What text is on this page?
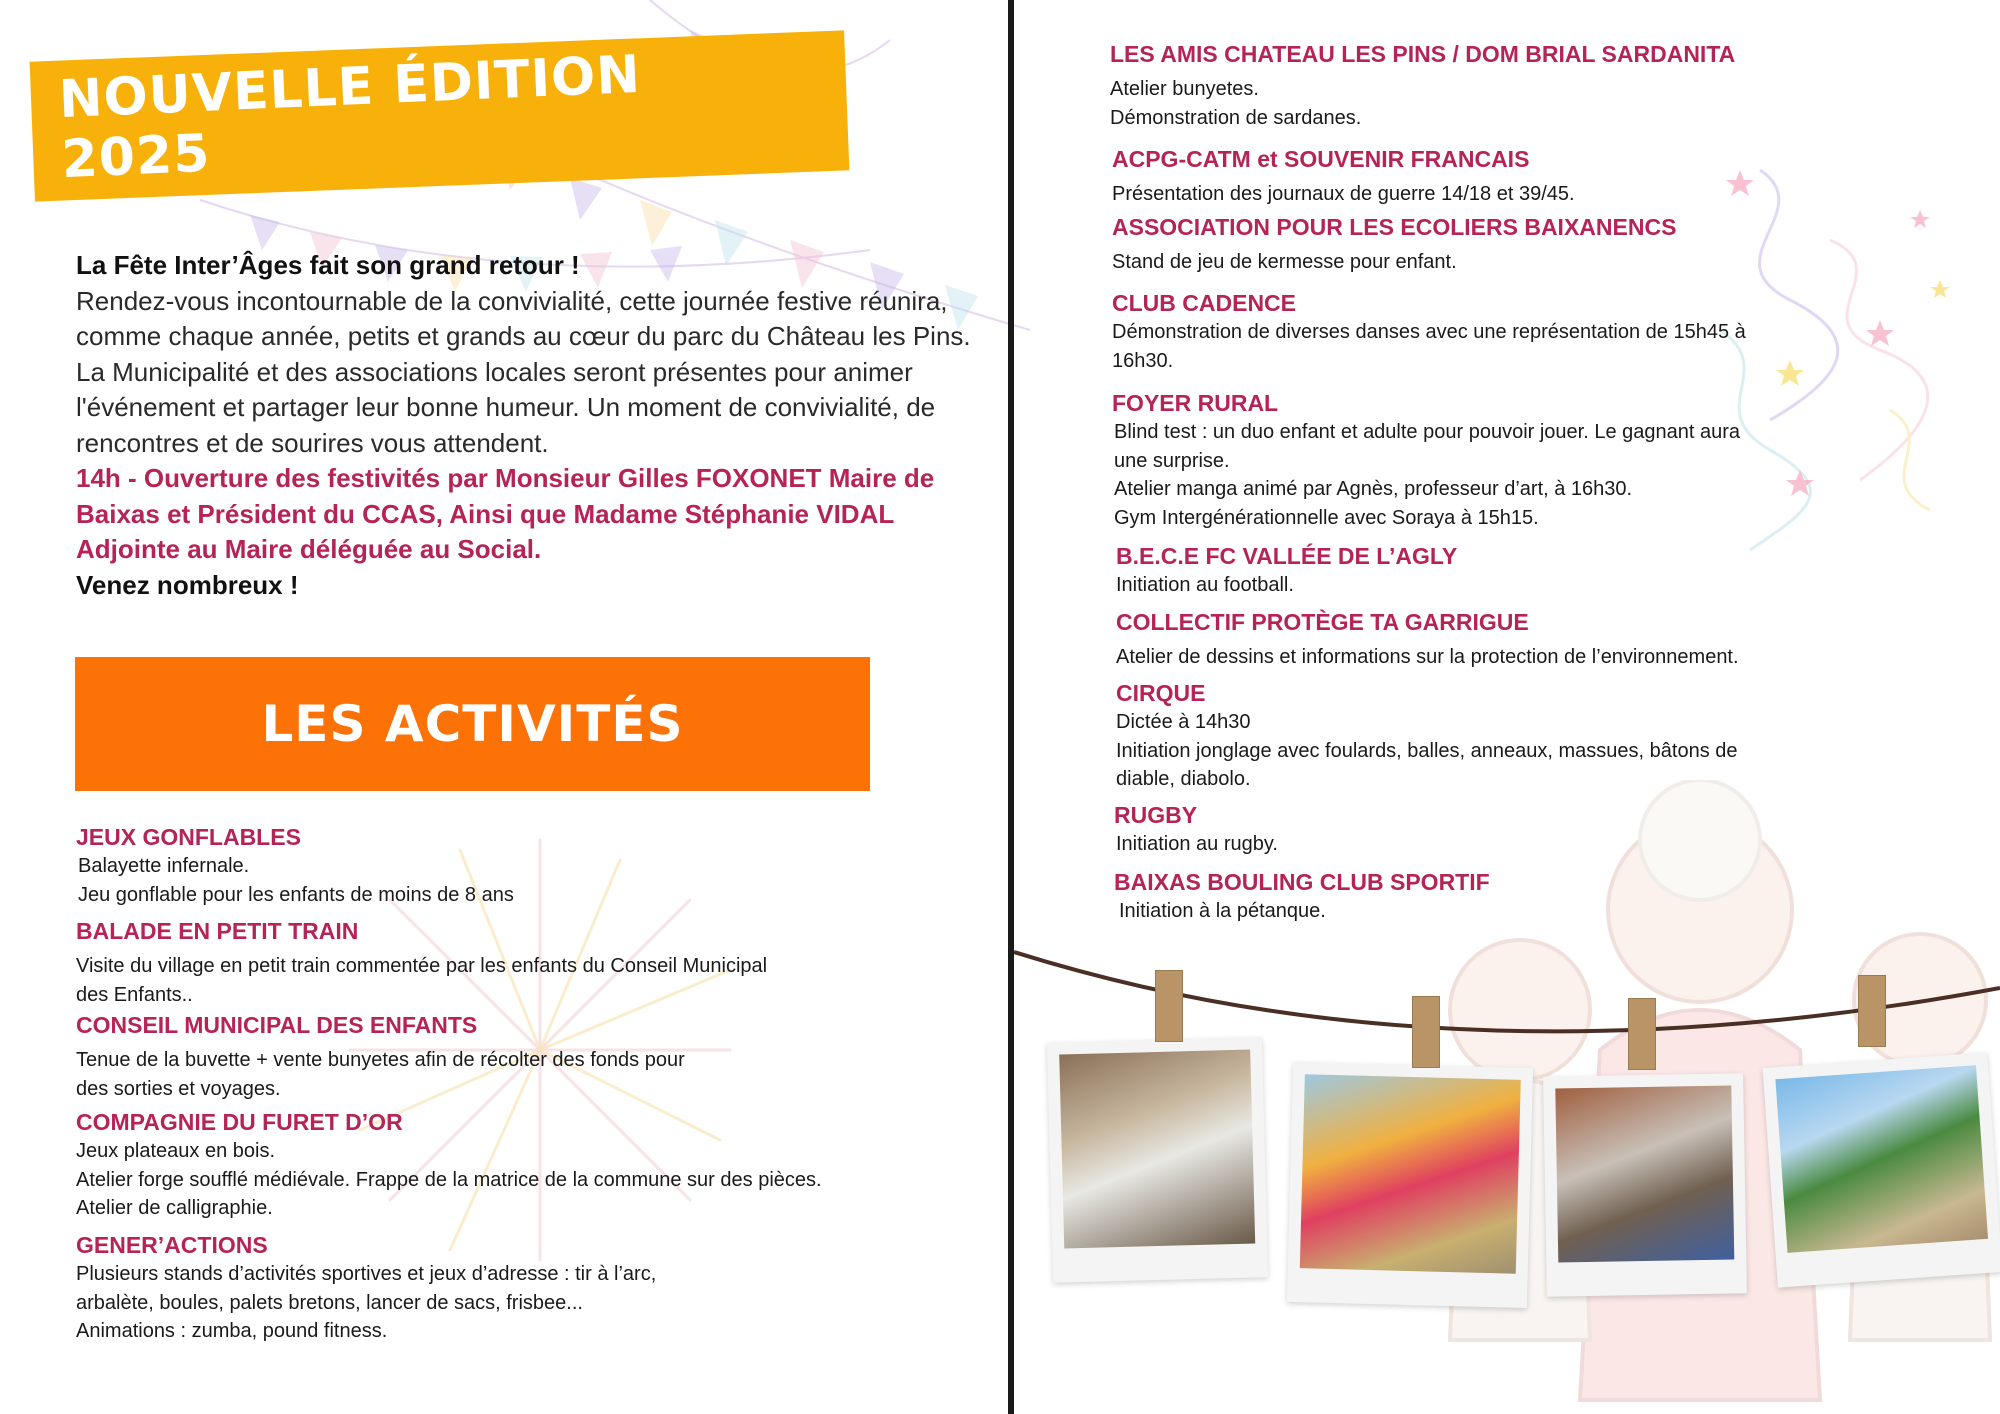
NOUVELLE ÉDITION 2025
La Fête Inter’Âges fait son grand retour !
Rendez-vous incontournable de la convivialité, cette journée festive réunira, comme chaque année, petits et grands au cœur du parc du Château les Pins.
La Municipalité et des associations locales seront présentes pour animer l'événement et partager leur bonne humeur. Un moment de convivialité, de rencontres et de sourires vous attendent.
14h - Ouverture des festivités par Monsieur Gilles FOXONET Maire de Baixas et Président du CCAS, Ainsi que Madame Stéphanie VIDAL Adjointe au Maire déléguée au Social.
Venez nombreux !
LES ACTIVITÉS
JEUX GONFLABLES
Balayette infernale.
Jeu gonflable pour les enfants de moins de 8 ans
BALADE EN PETIT TRAIN
Visite du village en petit train commentée par les enfants du Conseil Municipal
des Enfants..
CONSEIL MUNICIPAL DES ENFANTS
Tenue de la buvette + vente bunyetes afin de récolter des fonds pour
des sorties et voyages.
COMPAGNIE DU FURET D’OR
Jeux plateaux en bois.
Atelier forge soufflé médiévale. Frappe de la matrice de la commune sur des pièces.
Atelier de calligraphie.
GENER’ACTIONS
Plusieurs stands d’activités sportives et jeux d’adresse : tir à l’arc,
arbalète, boules, palets bretons, lancer de sacs, frisbee...
Animations : zumba, pound fitness.
LES AMIS CHATEAU LES PINS / DOM BRIAL SARDANITA
Atelier bunyetes.
Démonstration de sardanes.
ACPG-CATM et SOUVENIR FRANCAIS
Présentation des journaux de guerre 14/18 et 39/45.
ASSOCIATION POUR LES ECOLIERS BAIXANENCS
Stand de jeu de kermesse pour enfant.
CLUB CADENCE
Démonstration de diverses danses avec une représentation de 15h45 à
16h30.
FOYER RURAL
Blind test : un duo enfant et adulte pour pouvoir jouer. Le gagnant aura
une surprise.
Atelier manga animé par Agnès, professeur d’art, à 16h30.
Gym Intergénérationnelle avec Soraya à 15h15.
B.E.C.E FC VALLÉE DE L’AGLY
Initiation au football.
COLLECTIF PROTÈGE TA GARRIGUE
Atelier de dessins et informations sur la protection de l’environnement.
CIRQUE
Dictée à 14h30
Initiation jonglage avec foulards, balles, anneaux, massues, bâtons de
diable, diabolo.
RUGBY
Initiation au rugby.
BAIXAS BOULING CLUB SPORTIF
Initiation à la pétanque.
